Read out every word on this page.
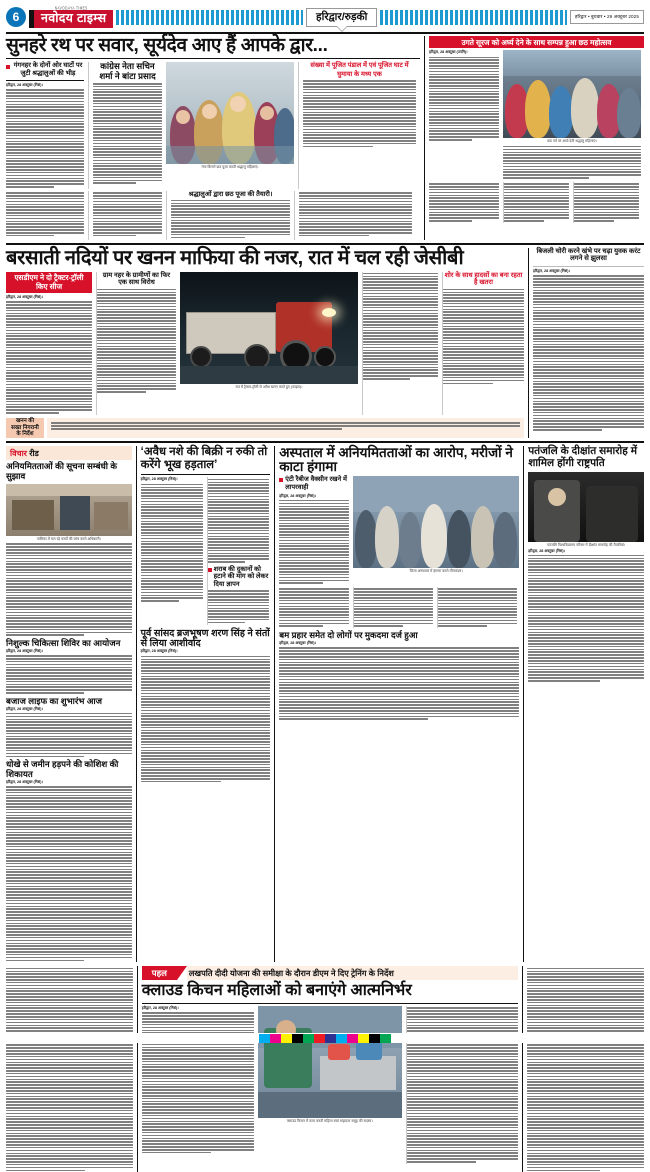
6
NAVODAYA TIMES
नवोदय टाइम्स	हरिद्वार/रुड़की	हरिद्वार • बुधवार • 29 अक्टूबर 2025
सुनहरे रथ पर सवार, सूर्यदेव आए हैं आपके द्वार...
गंगनहर के दोनों ओर घाटों पर जुटी श्रद्धालुओं की भीड़
हरिद्वार, 28 अक्टूबर (निसं)।
कांग्रेस नेता सचिन शर्मा ने बांटा प्रसाद
गंगा किनारे छठ पूजा करती श्रद्धालु महिलाएं।
संख्या में पूजित पंडाल में एवं पूजित घाट में घुमाया के मध्य एक
श्रद्धालुओं द्वारा छठ पूजा की तैयारी।
उगते सूरज को अर्घ्य देने के साथ सम्पन्न हुआ छठ महोत्सव
हरिद्वार, 28 अक्टूबर (उपनि)।
छठ पर्व पर अर्घ्य देती श्रद्धालु महिलाएं।
बरसाती नदियों पर खनन माफिया की नजर, रात में चल रही जेसीबी
एसडीएम ने दो ट्रैक्टर-ट्रॉली किए सीज
हरिद्वार, 28 अक्टूबर (निसं)।
ग्राम नहर के ग्रामीणों का फिर एक साथ विरोध
रात में ट्रैक्टर-ट्रॉली से अवैध खनन करते हुए (फाइल)।
शोर के साथ हादसों का बना रहता है खतरा
खनन की
सख्त निगरानी
के निर्देश
बिजली चोरी करने खंभे पर चढ़ा युवक करंट लगने से झुलसा
हरिद्वार, 28 अक्टूबर (निसं)।
विचार रीड
अनियमितताओं की सूचना सम्बंधी के सुझाव
पालिका में चल रहे कार्यों की जांच करते अधिकारी।
निशुल्क चिकित्सा शिविर का आयोजन
हरिद्वार, 28 अक्टूबर (निसं)।
बजाज लाइफ का शुभारंभ आज
हरिद्वार, 28 अक्टूबर (निसं)।
धोखे से जमीन हड़पने की कोशिश की शिकायत
हरिद्वार, 28 अक्टूबर (निसं)।
‘अवैध नशे की बिक्री न रुकी तो करेंगे भूख हड़ताल’
हरिद्वार, 28 अक्टूबर (निसं)।
शराब की दुकानों को हटाने की मांग को लेकर दिया ज्ञापन
पूर्व सांसद ब्रजभूषण शरण सिंह ने संतों से लिया आशीर्वाद
हरिद्वार, 28 अक्टूबर (निसं)।
अस्पताल में अनियमितताओं का आरोप, मरीजों ने काटा हंगामा
एंटी रैबीज वैक्सीन रखने में लापरवाही
हरिद्वार, 28 अक्टूबर (निसं)।
जिला अस्पताल में हंगामा करते तीमारदार।
बम प्रहार समेत दो लोगों पर मुकदमा दर्ज हुआ
हरिद्वार, 28 अक्टूबर (निसं)।
पतंजलि के दीक्षांत समारोह में शामिल होंगी राष्ट्रपति
पतंजलि विश्वविद्यालय परिसर में दीक्षांत समारोह की तैयारियां।
हरिद्वार, 28 अक्टूबर (निसं)।
पहल	लखपति दीदी योजना की समीक्षा के दौरान डीएम ने दिए ट्रेनिंग के निर्देश
क्लाउड किचन महिलाओं को बनाएंगे आत्मनिर्भर
हरिद्वार, 28 अक्टूबर (निसं)।
क्लाउड किचन में काम करती महिला स्वयं सहायता समूह की सदस्य।
